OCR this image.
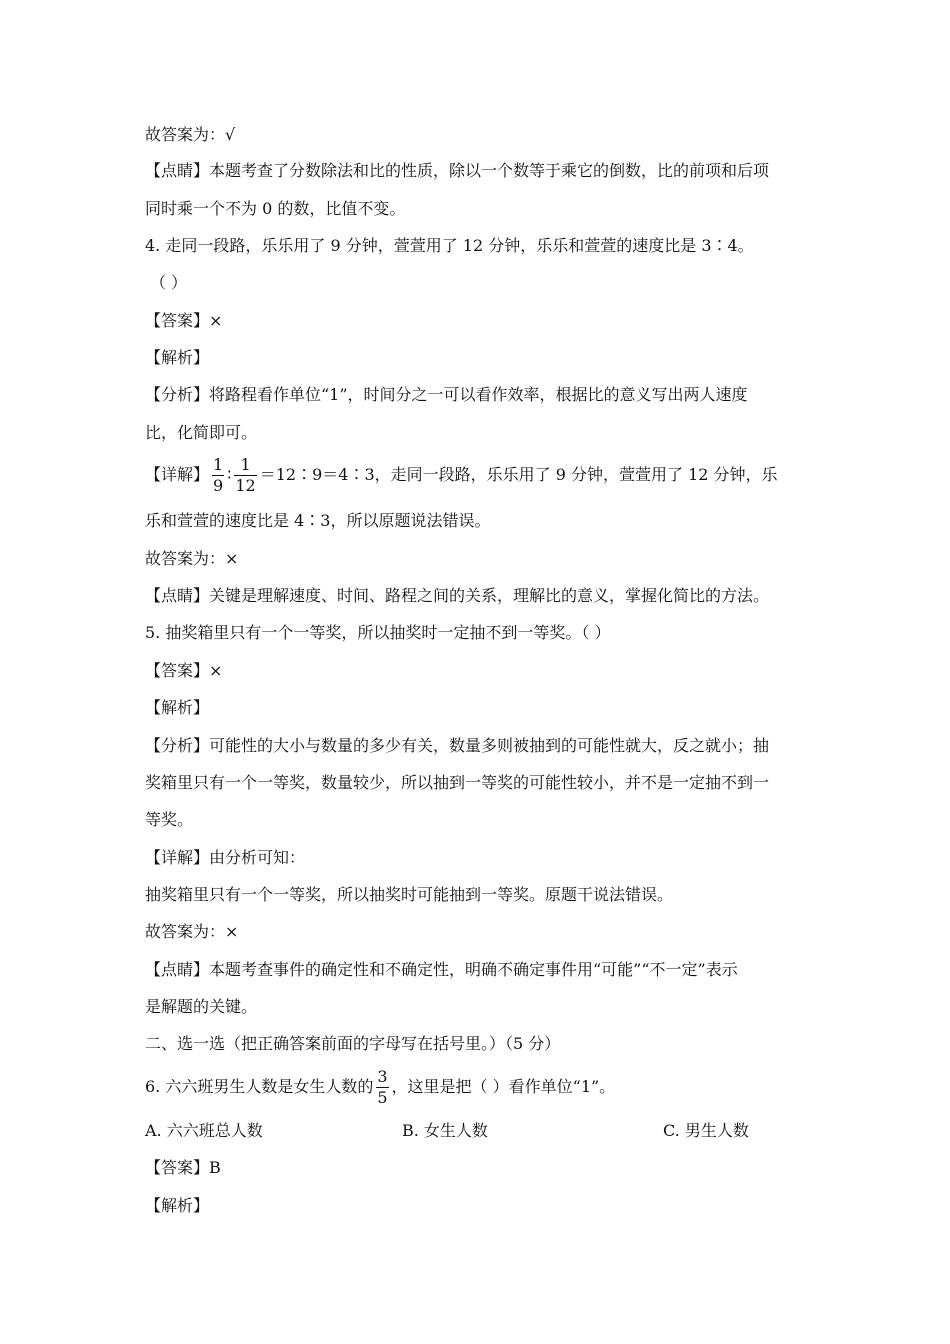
故答案为：√
【点睛】本题考查了分数除法和比的性质，除以一个数等于乘它的倒数，比的前项和后项
同时乘一个不为 0 的数，比值不变。
4. 走同一段路，乐乐用了 9 分钟，萱萱用了 12 分钟，乐乐和萱萱的速度比是 3∶4。
（ ）
【答案】×
【解析】
【分析】将路程看作单位“1”，时间分之一可以看作效率，根据比的意义写出两人速度
比，化简即可。
【详解】 $\frac{1}{9}$ ∶ $\frac{1}{12}$ ＝12∶9＝4∶3，走同一段路，乐乐用了 9 分钟，萱萱用了 12 分钟，乐
乐和萱萱的速度比是 4∶3，所以原题说法错误。
故答案为：×
【点睛】关键是理解速度、时间、路程之间的关系，理解比的意义，掌握化简比的方法。
5. 抽奖箱里只有一个一等奖，所以抽奖时一定抽不到一等奖。（ ）
【答案】×
【解析】
【分析】可能性的大小与数量的多少有关，数量多则被抽到的可能性就大，反之就小；抽
奖箱里只有一个一等奖，数量较少，所以抽到一等奖的可能性较小，并不是一定抽不到一
等奖。
【详解】由分析可知：
抽奖箱里只有一个一等奖，所以抽奖时可能抽到一等奖。原题干说法错误。
故答案为：×
【点睛】本题考查事件的确定性和不确定性，明确不确定事件用“可能”“不一定”表示
是解题的关键。
二、选一选（把正确答案前面的字母写在括号里。）（5 分）
6. 六六班男生人数是女生人数的 $\frac{3}{5}$ ，这里是把（ ）看作单位“1”。
A. 六六班总人数	B. 女生人数	C. 男生人数
【答案】B
【解析】
